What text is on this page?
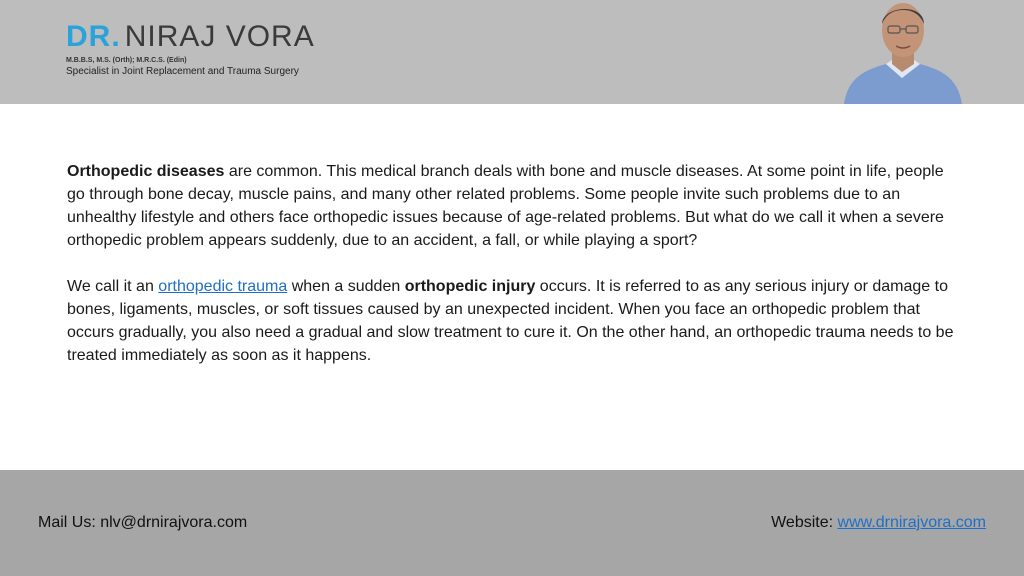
DR. NIRAJ VORA
M.B.B.S, M.S. (Orth); M.R.C.S. (Edin)
Specialist in Joint Replacement and Trauma Surgery

Orthopedic diseases are common. This medical branch deals with bone and muscle diseases. At some point in life, people go through bone decay, muscle pains, and many other related problems. Some people invite such problems due to an unhealthy lifestyle and others face orthopedic issues because of age-related problems. But what do we call it when a severe orthopedic problem appears suddenly, due to an accident, a fall, or while playing a sport?

We call it an orthopedic trauma when a sudden orthopedic injury occurs. It is referred to as any serious injury or damage to bones, ligaments, muscles, or soft tissues caused by an unexpected incident. When you face an orthopedic problem that occurs gradually, you also need a gradual and slow treatment to cure it. On the other hand, an orthopedic trauma needs to be treated immediately as soon as it happens.

Mail Us: nlv@drnirajvora.com	Website: www.drnirajvora.com
